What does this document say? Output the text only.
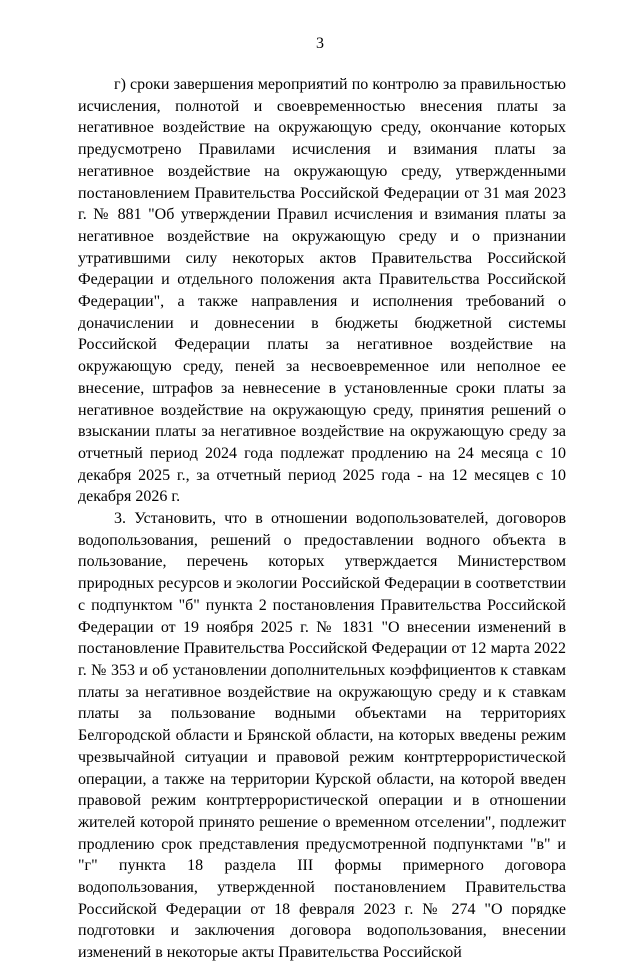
3

г) сроки завершения мероприятий по контролю за правильностью исчисления, полнотой и своевременностью внесения платы за негативное воздействие на окружающую среду, окончание которых предусмотрено Правилами исчисления и взимания платы за негативное воздействие на окружающую среду, утвержденными постановлением Правительства Российской Федерации от 31 мая 2023 г. № 881 "Об утверждении Правил исчисления и взимания платы за негативное воздействие на окружающую среду и о признании утратившими силу некоторых актов Правительства Российской Федерации и отдельного положения акта Правительства Российской Федерации", а также направления и исполнения требований о доначислении и довнесении в бюджеты бюджетной системы Российской Федерации платы за негативное воздействие на окружающую среду, пеней за несвоевременное или неполное ее внесение, штрафов за невнесение в установленные сроки платы за негативное воздействие на окружающую среду, принятия решений о взыскании платы за негативное воздействие на окружающую среду за отчетный период 2024 года подлежат продлению на 24 месяца с 10 декабря 2025 г., за отчетный период 2025 года - на 12 месяцев с 10 декабря 2026 г.

3. Установить, что в отношении водопользователей, договоров водопользования, решений о предоставлении водного объекта в пользование, перечень которых утверждается Министерством природных ресурсов и экологии Российской Федерации в соответствии с подпунктом "б" пункта 2 постановления Правительства Российской Федерации от 19 ноября 2025 г. № 1831 "О внесении изменений в постановление Правительства Российской Федерации от 12 марта 2022 г. № 353 и об установлении дополнительных коэффициентов к ставкам платы за негативное воздействие на окружающую среду и к ставкам платы за пользование водными объектами на территориях Белгородской области и Брянской области, на которых введены режим чрезвычайной ситуации и правовой режим контртеррористической операции, а также на территории Курской области, на которой введен правовой режим контртеррористической операции и в отношении жителей которой принято решение о временном отселении", подлежит продлению срок представления предусмотренной подпунктами "в" и "г" пункта 18 раздела III формы примерного договора водопользования, утвержденной постановлением Правительства Российской Федерации от 18 февраля 2023 г. № 274 "О порядке подготовки и заключения договора водопользования, внесении изменений в некоторые акты Правительства Российской
